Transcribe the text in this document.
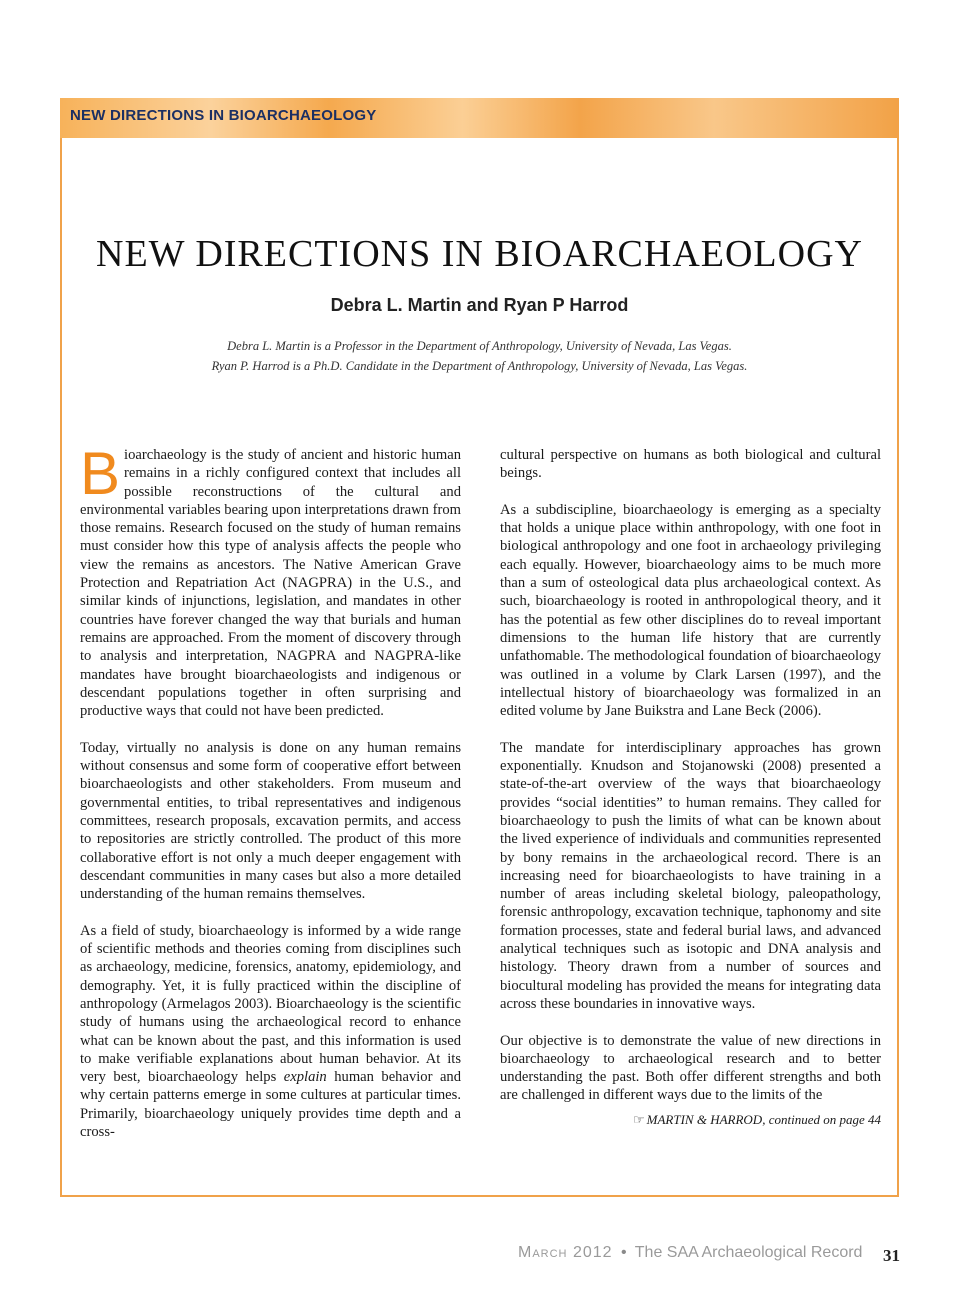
NEW DIRECTIONS IN BIOARCHAEOLOGY
NEW DIRECTIONS IN BIOARCHAEOLOGY
Debra L. Martin and Ryan P Harrod
Debra L. Martin is a Professor in the Department of Anthropology, University of Nevada, Las Vegas.
Ryan P. Harrod is a Ph.D. Candidate in the Department of Anthropology, University of Nevada, Las Vegas.

Bioarchaeology is the study of ancient and historic human remains in a richly configured context that includes all possible reconstructions of the cultural and environmental variables bearing upon interpretations drawn from those remains. Research focused on the study of human remains must consider how this type of analysis affects the people who view the remains as ancestors. The Native American Grave Protection and Repatriation Act (NAGPRA) in the U.S., and similar kinds of injunctions, legislation, and mandates in other countries have forever changed the way that burials and human remains are approached. From the moment of discovery through to analysis and interpretation, NAGPRA and NAGPRA-like mandates have brought bioarchaeologists and indigenous or descendant populations together in often surprising and productive ways that could not have been predicted.

Today, virtually no analysis is done on any human remains without consensus and some form of cooperative effort between bioarchaeologists and other stakeholders. From museum and governmental entities, to tribal representatives and indigenous committees, research proposals, excavation permits, and access to repositories are strictly controlled. The product of this more collaborative effort is not only a much deeper engagement with descendant communities in many cases but also a more detailed understanding of the human remains themselves.

As a field of study, bioarchaeology is informed by a wide range of scientific methods and theories coming from disciplines such as archaeology, medicine, forensics, anatomy, epidemiology, and demography. Yet, it is fully practiced within the discipline of anthropology (Armelagos 2003). Bioarchaeology is the scientific study of humans using the archaeological record to enhance what can be known about the past, and this information is used to make verifiable explanations about human behavior. At its very best, bioarchaeology helps explain human behavior and why certain patterns emerge in some cultures at particular times. Primarily, bioarchaeology uniquely provides time depth and a cross-

cultural perspective on humans as both biological and cultural beings.

As a subdiscipline, bioarchaeology is emerging as a specialty that holds a unique place within anthropology, with one foot in biological anthropology and one foot in archaeology privileging each equally. However, bioarchaeology aims to be much more than a sum of osteological data plus archaeological context. As such, bioarchaeology is rooted in anthropological theory, and it has the potential as few other disciplines do to reveal important dimensions to the human life history that are currently unfathomable. The methodological foundation of bioarchaeology was outlined in a volume by Clark Larsen (1997), and the intellectual history of bioarchaeology was formalized in an edited volume by Jane Buikstra and Lane Beck (2006).

The mandate for interdisciplinary approaches has grown exponentially. Knudson and Stojanowski (2008) presented a state-of-the-art overview of the ways that bioarchaeology provides “social identities” to human remains. They called for bioarchaeology to push the limits of what can be known about the lived experience of individuals and communities represented by bony remains in the archaeological record. There is an increasing need for bioarchaeologists to have training in a number of areas including skeletal biology, paleopathology, forensic anthropology, excavation technique, taphonomy and site formation processes, state and federal burial laws, and advanced analytical techniques such as isotopic and DNA analysis and histology. Theory drawn from a number of sources and biocultural modeling has provided the means for integrating data across these boundaries in innovative ways.

Our objective is to demonstrate the value of new directions in bioarchaeology to archaeological research and to better understanding the past. Both offer different strengths and both are challenged in different ways due to the limits of the

☞ MARTIN & HARROD, continued on page 44
March 2012 • The SAA Archaeological Record 31
